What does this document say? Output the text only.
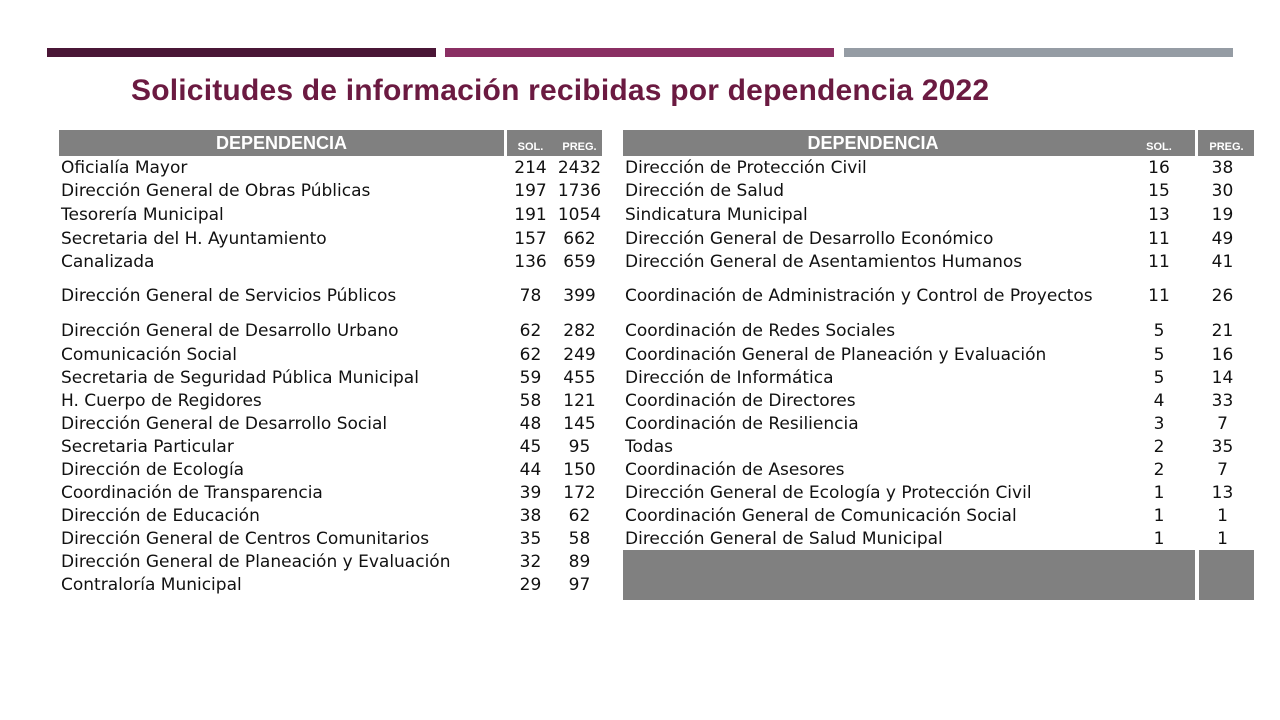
Solicitudes de información recibidas por dependencia 2022
DEPENDENCIA	SOL.	PREG.
Oficialía Mayor	214 2432
Dirección General de Obras Públicas	197 1736
Tesorería Municipal	191 1054
Secretaria del H. Ayuntamiento	157 662
Canalizada	136 659
Dirección General de Servicios Públicos	78	399
Dirección General de Desarrollo Urbano	62	282
Comunicación Social	62	249
Secretaria de Seguridad Pública Municipal	59	455
H. Cuerpo de Regidores	58	121
Dirección General de Desarrollo Social	48	145
Secretaria Particular	45	95
Dirección de Ecología	44	150
Coordinación de Transparencia	39	172
Dirección de Educación	38	62
Dirección General de Centros Comunitarios	35	58
Dirección General de Planeación y Evaluación	32	89
Contraloría Municipal	29	97
DEPENDENCIA	SOL.	PREG.
Dirección de Protección Civil	16	38
Dirección de Salud	15	30
Sindicatura Municipal	13	19
Dirección General de Desarrollo Económico	11	49
Dirección General de Asentamientos Humanos	11	41
Coordinación de Administración y Control de Proyectos	11	26
Coordinación de Redes Sociales	5	21
Coordinación General de Planeación y Evaluación	5	16
Dirección de Informática	5	14
Coordinación de Directores	4	33
Coordinación de Resiliencia	3	7
Todas	2	35
Coordinación de Asesores	2	7
Dirección General de Ecología y Protección Civil	1	13
Coordinación General de Comunicación Social	1	1
Dirección General de Salud Municipal	1	1
